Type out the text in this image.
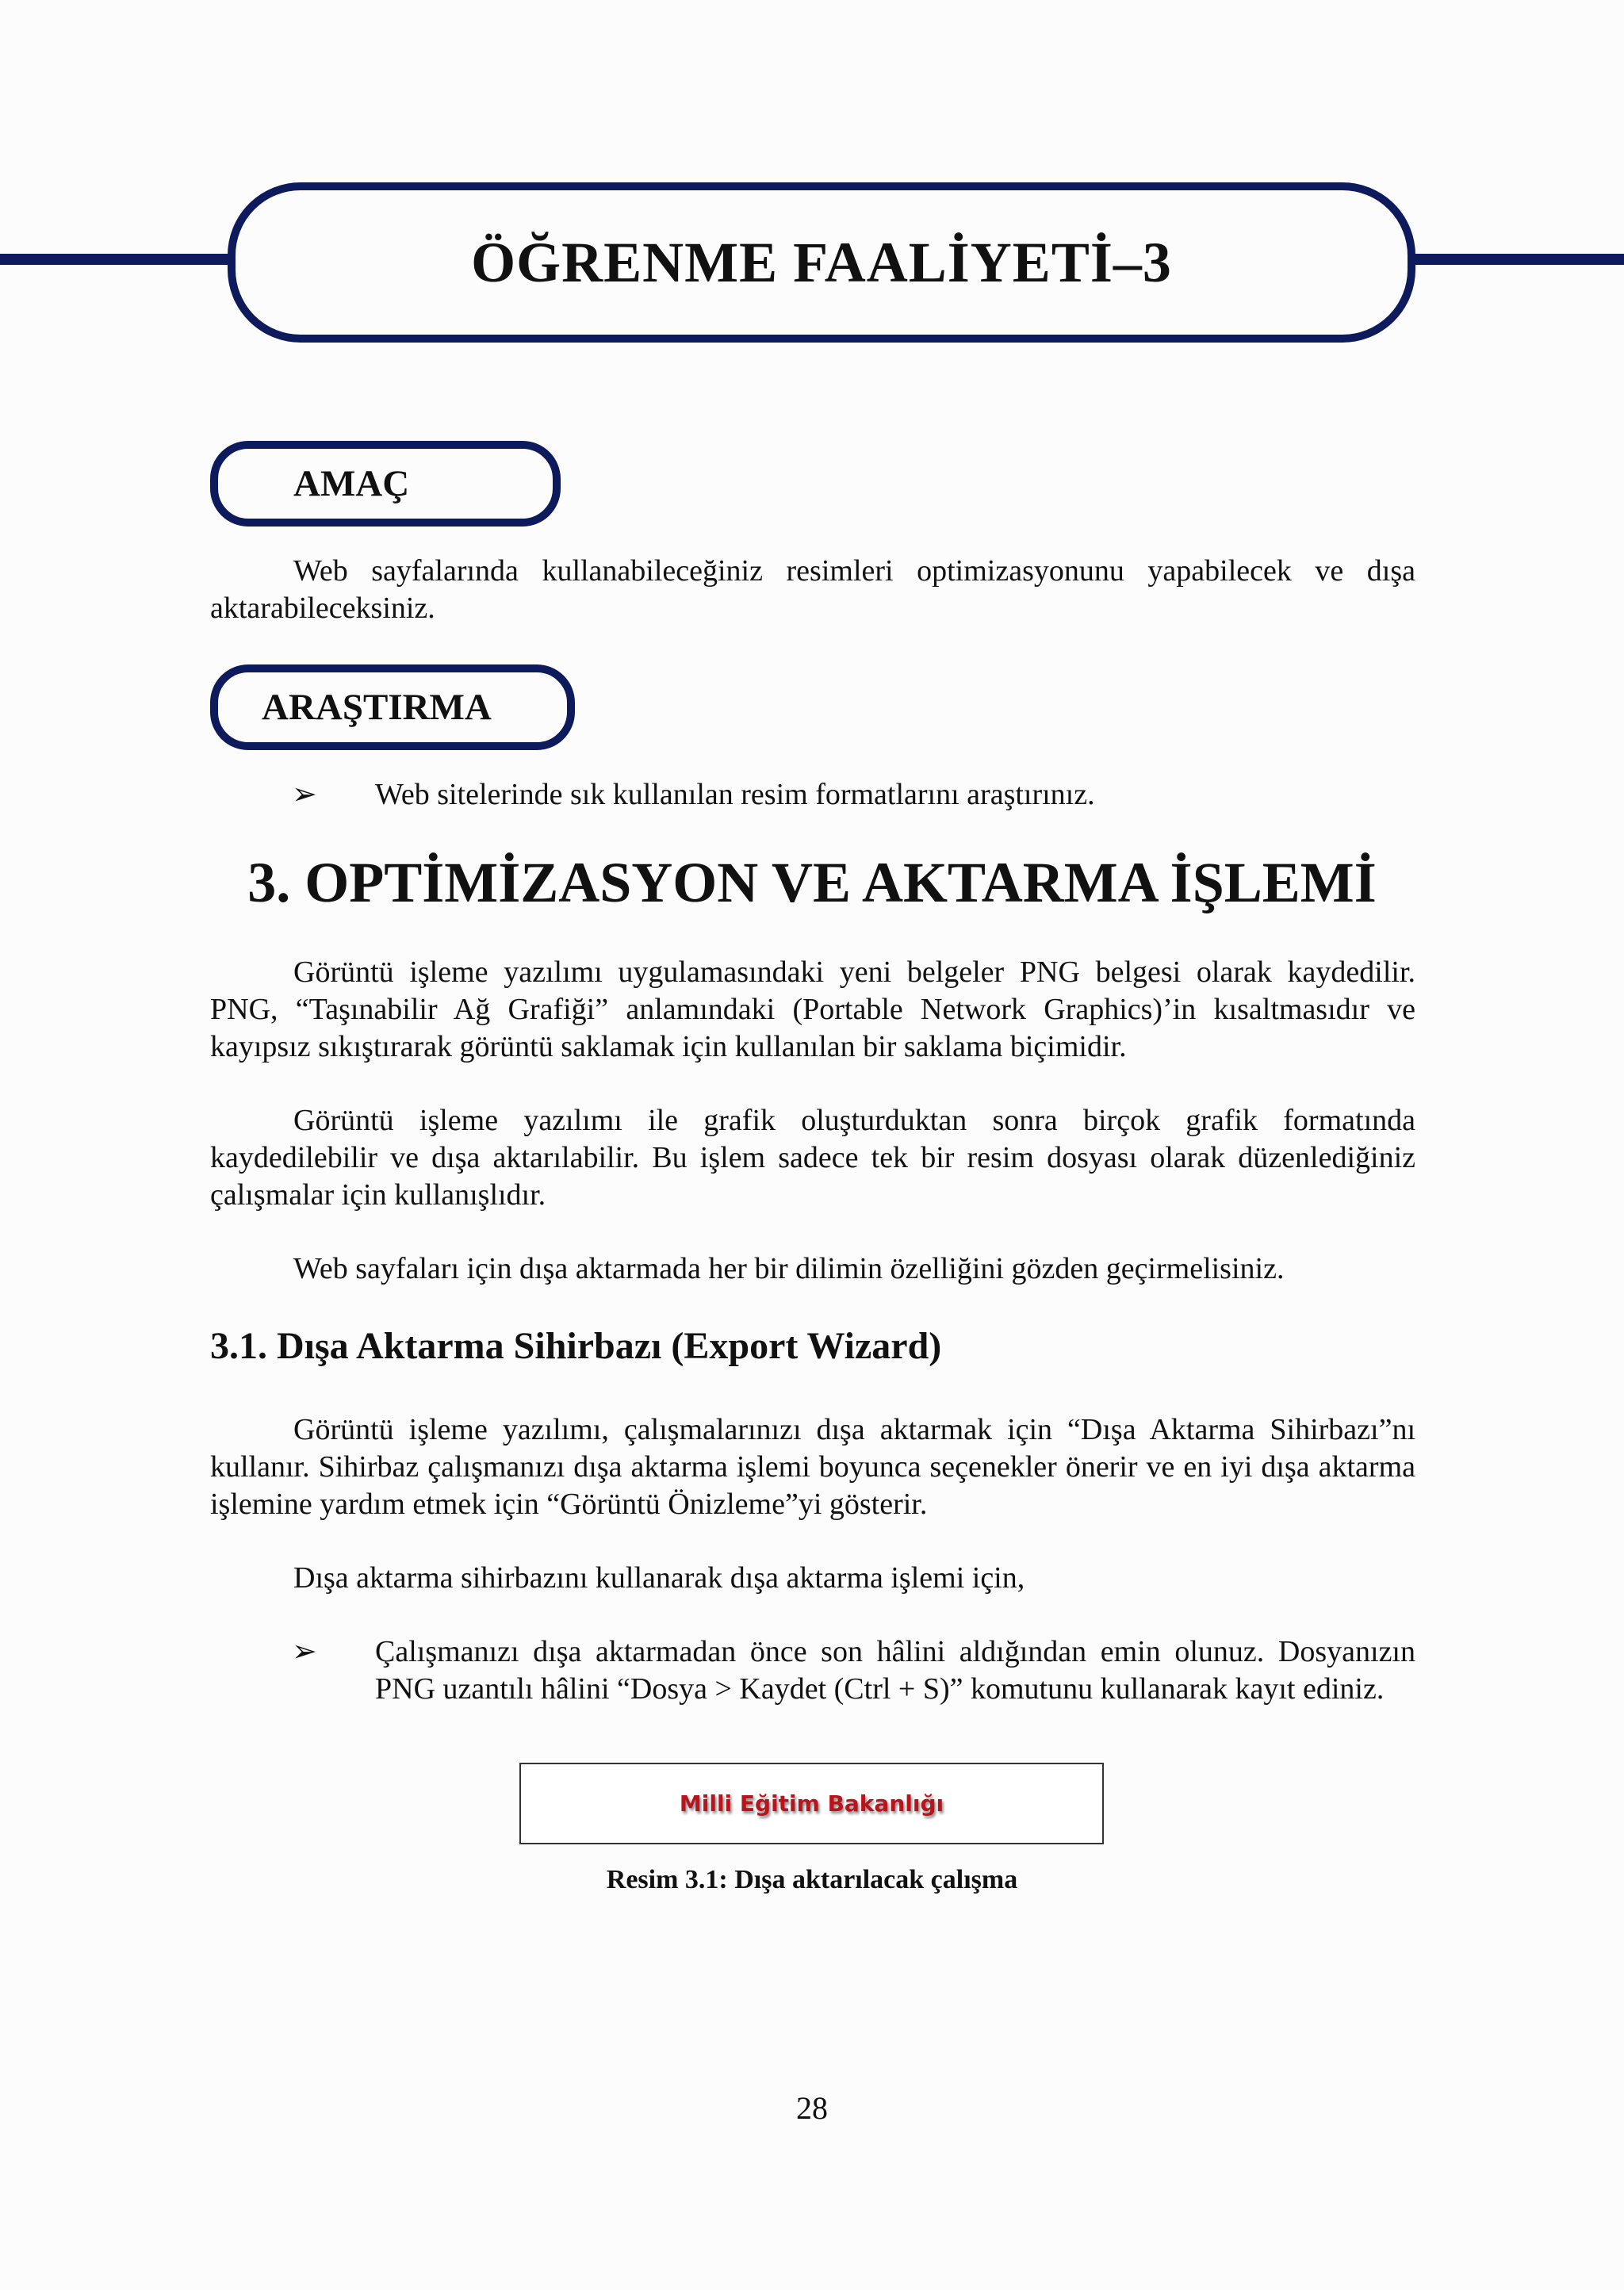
ÖĞRENME FAALİYETİ–3
AMAÇ

Web sayfalarında kullanabileceğiniz resimleri optimizasyonunu yapabilecek ve dışa aktarabileceksiniz.

ARAŞTIRMA
➢ Web sitelerinde sık kullanılan resim formatlarını araştırınız.

3. OPTİMİZASYON VE AKTARMA İŞLEMİ

Görüntü işleme yazılımı uygulamasındaki yeni belgeler PNG belgesi olarak kaydedilir. PNG, “Taşınabilir Ağ Grafiği” anlamındaki (Portable Network Graphics)’in kısaltmasıdır ve kayıpsız sıkıştırarak görüntü saklamak için kullanılan bir saklama biçimidir.

Görüntü işleme yazılımı ile grafik oluşturduktan sonra birçok grafik formatında kaydedilebilir ve dışa aktarılabilir. Bu işlem sadece tek bir resim dosyası olarak düzenlediğiniz çalışmalar için kullanışlıdır.

Web sayfaları için dışa aktarmada her bir dilimin özelliğini gözden geçirmelisiniz.

3.1. Dışa Aktarma Sihirbazı (Export Wizard)

Görüntü işleme yazılımı, çalışmalarınızı dışa aktarmak için “Dışa Aktarma Sihirbazı”nı kullanır. Sihirbaz çalışmanızı dışa aktarma işlemi boyunca seçenekler önerir ve en iyi dışa aktarma işlemine yardım etmek için “Görüntü Önizleme”yi gösterir.

Dışa aktarma sihirbazını kullanarak dışa aktarma işlemi için,

➢ Çalışmanızı dışa aktarmadan önce son hâlini aldığından emin olunuz. Dosyanızın PNG uzantılı hâlini “Dosya > Kaydet (Ctrl + S)” komutunu kullanarak kayıt ediniz.

Milli Eğitim Bakanlığı
Resim 3.1: Dışa aktarılacak çalışma
28
